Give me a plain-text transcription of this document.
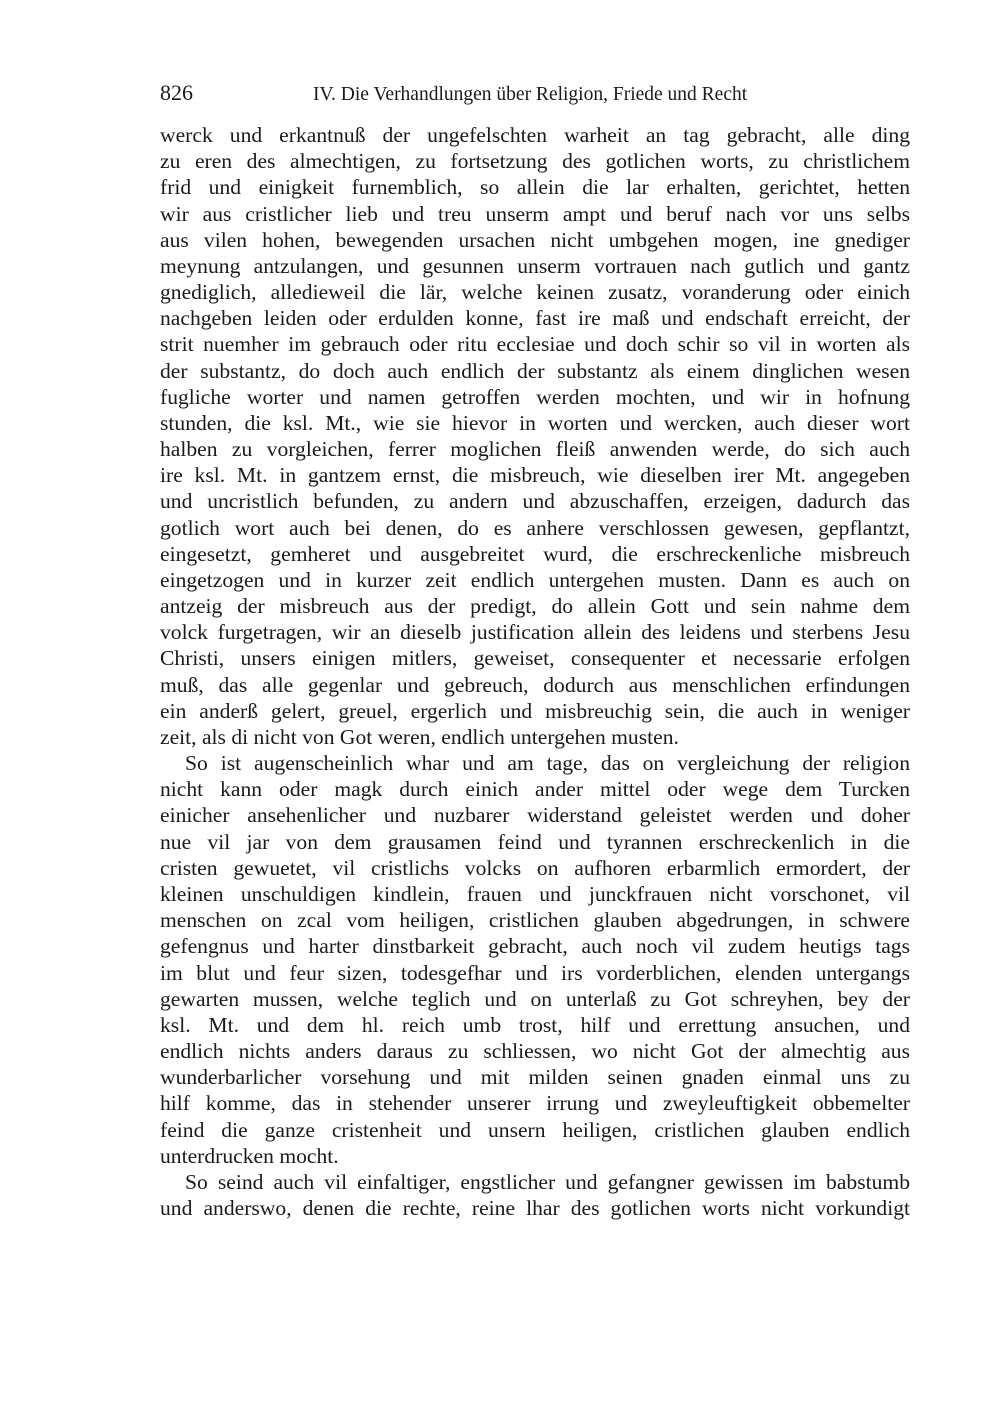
826	IV. Die Verhandlungen über Religion, Friede und Recht
werck und erkantnuß der ungefelschten warheit an tag gebracht, alle ding
zu eren des almechtigen, zu fortsetzung des gotlichen worts, zu christlichem
frid und einigkeit furnemblich, so allein die lar erhalten, gerichtet, hetten
wir aus cristlicher lieb und treu unserm ampt und beruf nach vor uns selbs
aus vilen hohen, bewegenden ursachen nicht umbgehen mogen, ine gnediger
meynung antzulangen, und gesunnen unserm vortrauen nach gutlich und gantz
gnediglich, alledieweil die lär, welche keinen zusatz, voranderung oder einich
nachgeben leiden oder erdulden konne, fast ire maß und endschaft erreicht, der
strit nuemher im gebrauch oder ritu ecclesiae und doch schir so vil in worten als
der substantz, do doch auch endlich der substantz als einem dinglichen wesen
fugliche worter und namen getroffen werden mochten, und wir in hofnung
stunden, die ksl. Mt., wie sie hievor in worten und wercken, auch dieser wort
halben zu vorgleichen, ferrer moglichen fleiß anwenden werde, do sich auch
ire ksl. Mt. in gantzem ernst, die misbreuch, wie dieselben irer Mt. angegeben
und uncristlich befunden, zu andern und abzuschaffen, erzeigen, dadurch das
gotlich wort auch bei denen, do es anhere verschlossen gewesen, gepflantzt,
eingesetzt, gemheret und ausgebreitet wurd, die erschreckenliche misbreuch
eingetzogen und in kurzer zeit endlich untergehen musten. Dann es auch on
antzeig der misbreuch aus der predigt, do allein Gott und sein nahme dem
volck furgetragen, wir an dieselb justification allein des leidens und sterbens Jesu
Christi, unsers einigen mitlers, geweiset, consequenter et necessarie erfolgen
muß, das alle gegenlar und gebreuch, dodurch aus menschlichen erfindungen
ein anderß gelert, greuel, ergerlich und misbreuchig sein, die auch in weniger
zeit, als di nicht von Got weren, endlich untergehen musten.
So ist augenscheinlich whar und am tage, das on vergleichung der religion
nicht kann oder magk durch einich ander mittel oder wege dem Turcken
einicher ansehenlicher und nuzbarer widerstand geleistet werden und doher
nue vil jar von dem grausamen feind und tyrannen erschreckenlich in die
cristen gewuetet, vil cristlichs volcks on aufhoren erbarmlich ermordert, der
kleinen unschuldigen kindlein, frauen und junckfrauen nicht vorschonet, vil
menschen on zcal vom heiligen, cristlichen glauben abgedrungen, in schwere
gefengnus und harter dinstbarkeit gebracht, auch noch vil zudem heutigs tags
im blut und feur sizen, todesgefhar und irs vorderblichen, elenden untergangs
gewarten mussen, welche teglich und on unterlaß zu Got schreyhen, bey der
ksl. Mt. und dem hl. reich umb trost, hilf und errettung ansuchen, und
endlich nichts anders daraus zu schliessen, wo nicht Got der almechtig aus
wunderbarlicher vorsehung und mit milden seinen gnaden einmal uns zu
hilf komme, das in stehender unserer irrung und zweyleuftigkeit obbemelter
feind die ganze cristenheit und unsern heiligen, cristlichen glauben endlich
unterdrucken mocht.
So seind auch vil einfaltiger, engstlicher und gefangner gewissen im babstumb
und anderswo, denen die rechte, reine lhar des gotlichen worts nicht vorkundigt
